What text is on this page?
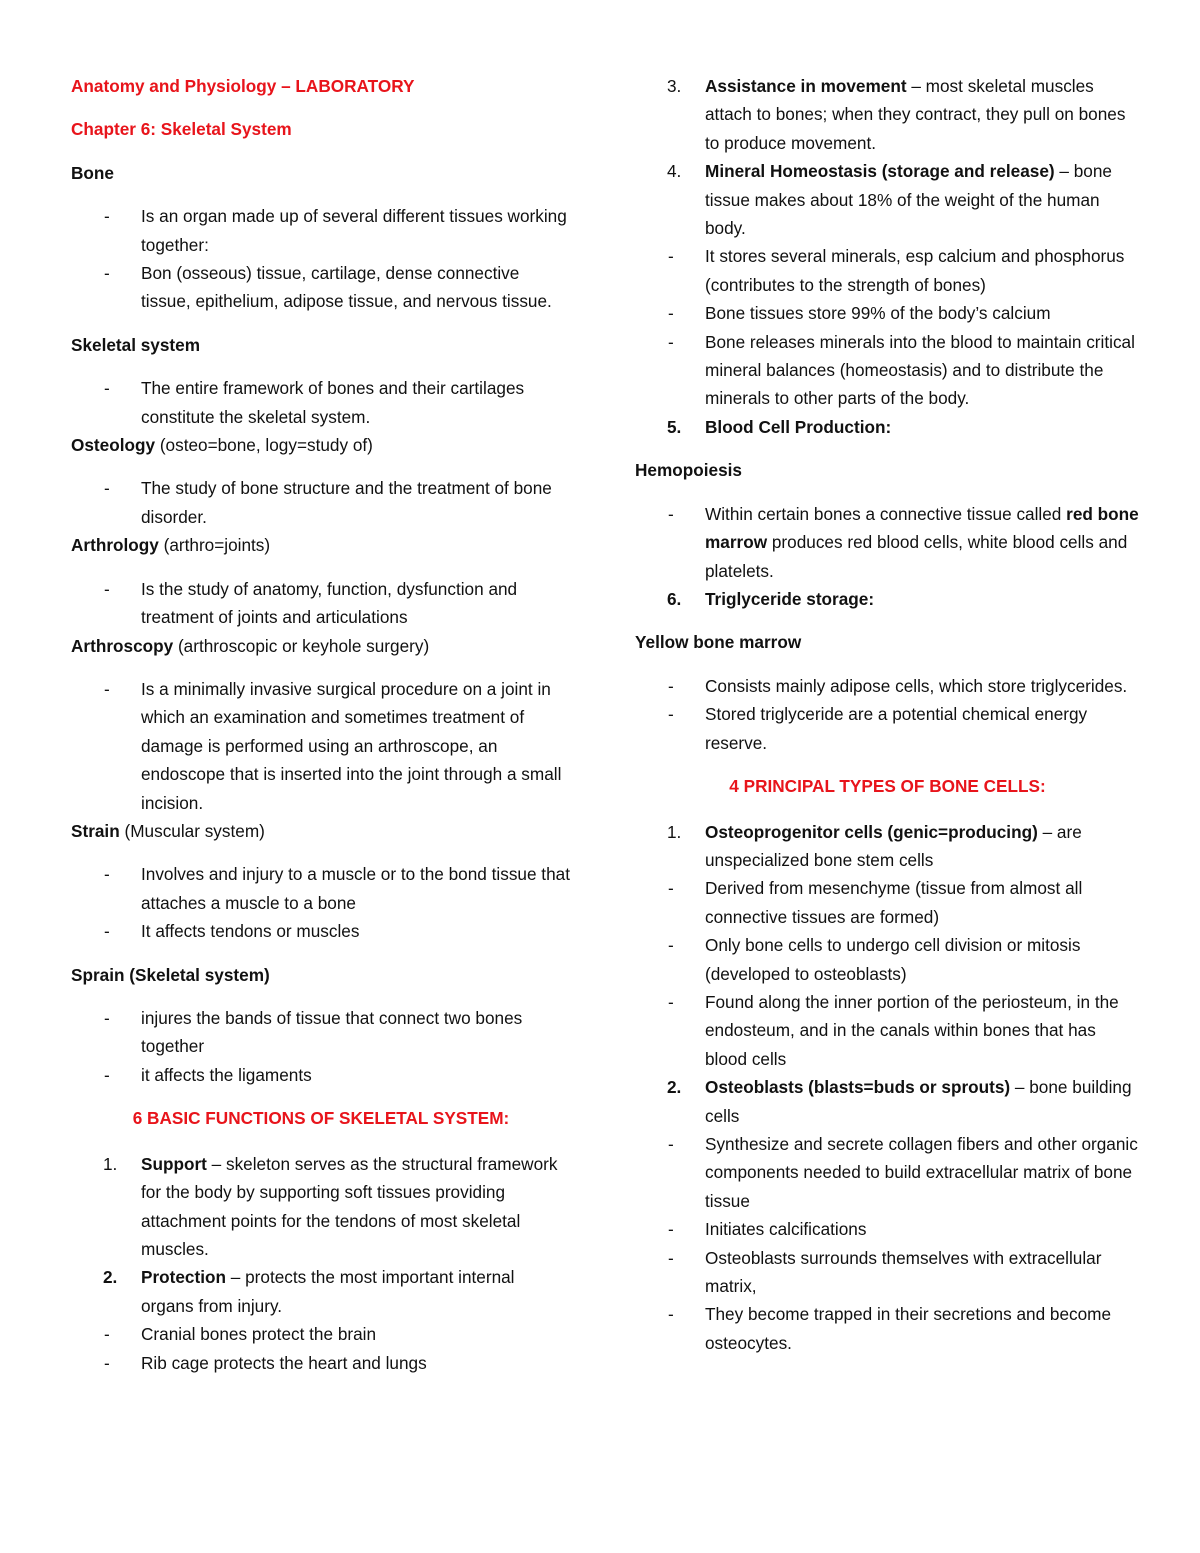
Anatomy and Physiology – LABORATORY

Chapter 6: Skeletal System

Bone

-	Is an organ made up of several different tissues working together:
-	Bon (osseous) tissue, cartilage, dense connective tissue, epithelium, adipose tissue, and nervous tissue.

Skeletal system

-	The entire framework of bones and their cartilages constitute the skeletal system.

Osteology (osteo=bone, logy=study of)

-	The study of bone structure and the treatment of bone disorder.

Arthrology (arthro=joints)

-	Is the study of anatomy, function, dysfunction and treatment of joints and articulations

Arthroscopy (arthroscopic or keyhole surgery)

-	Is a minimally invasive surgical procedure on a joint in which an examination and sometimes treatment of damage is performed using an arthroscope, an endoscope that is inserted into the joint through a small incision.

Strain (Muscular system)

-	Involves and injury to a muscle or to the bond tissue that attaches a muscle to a bone
-	It affects tendons or muscles

Sprain (Skeletal system)

-	injures the bands of tissue that connect two bones together
-	it affects the ligaments

6 BASIC FUNCTIONS OF SKELETAL SYSTEM:

1.	Support – skeleton serves as the structural framework for the body by supporting soft tissues providing attachment points for the tendons of most skeletal muscles.
2.	Protection – protects the most important internal organs from injury.
-	Cranial bones protect the brain
-	Rib cage protects the heart and lungs
3.	Assistance in movement – most skeletal muscles attach to bones; when they contract, they pull on bones to produce movement.
4.	Mineral Homeostasis (storage and release) – bone tissue makes about 18% of the weight of the human body.
-	It stores several minerals, esp calcium and phosphorus (contributes to the strength of bones)
-	Bone tissues store 99% of the body’s calcium
-	Bone releases minerals into the blood to maintain critical mineral balances (homeostasis) and to distribute the minerals to other parts of the body.
5.	Blood Cell Production:

Hemopoiesis

-	Within certain bones a connective tissue called red bone marrow produces red blood cells, white blood cells and platelets.
6.	Triglyceride storage:

Yellow bone marrow

-	Consists mainly adipose cells, which store triglycerides.
-	Stored triglyceride are a potential chemical energy reserve.

4 PRINCIPAL TYPES OF BONE CELLS:

1.	Osteoprogenitor cells (genic=producing) – are unspecialized bone stem cells
-	Derived from mesenchyme (tissue from almost all connective tissues are formed)
-	Only bone cells to undergo cell division or mitosis (developed to osteoblasts)
-	Found along the inner portion of the periosteum, in the endosteum, and in the canals within bones that has blood cells
2.	Osteoblasts (blasts=buds or sprouts) – bone building cells
-	Synthesize and secrete collagen fibers and other organic components needed to build extracellular matrix of bone tissue
-	Initiates calcifications
-	Osteoblasts surrounds themselves with extracellular matrix,
-	They become trapped in their secretions and become osteocytes.
